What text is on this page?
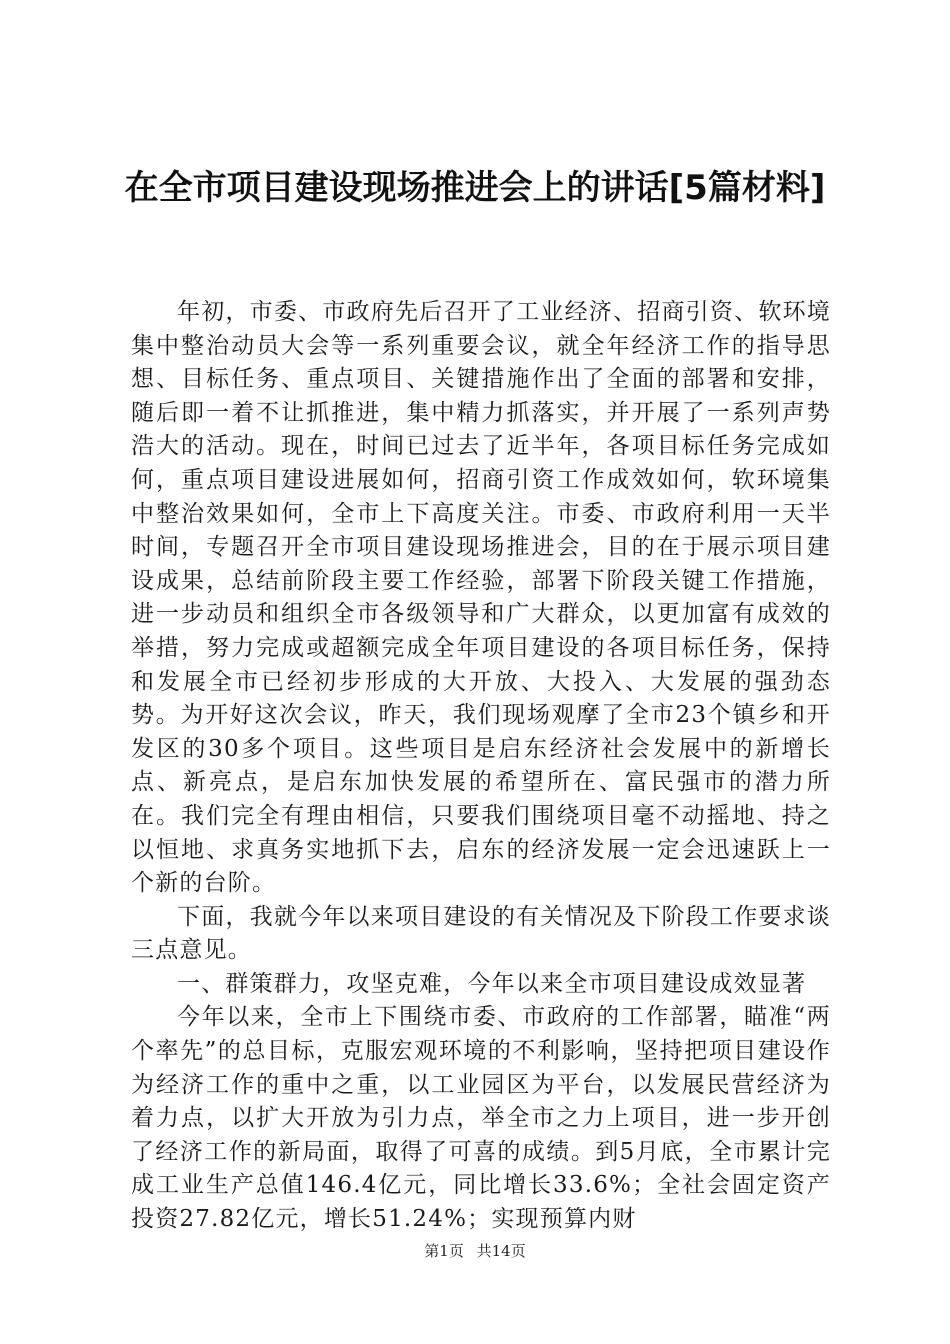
在全市项目建设现场推进会上的讲话[5篇材料]

年初，市委、市政府先后召开了工业经济、招商引资、软环境集中整治动员大会等一系列重要会议，就全年经济工作的指导思想、目标任务、重点项目、关键措施作出了全面的部署和安排，随后即一着不让抓推进，集中精力抓落实，并开展了一系列声势浩大的活动。现在，时间已过去了近半年，各项目标任务完成如何，重点项目建设进展如何，招商引资工作成效如何，软环境集中整治效果如何，全市上下高度关注。市委、市政府利用一天半时间，专题召开全市项目建设现场推进会，目的在于展示项目建设成果，总结前阶段主要工作经验，部署下阶段关键工作措施，进一步动员和组织全市各级领导和广大群众，以更加富有成效的举措，努力完成或超额完成全年项目建设的各项目标任务，保持和发展全市已经初步形成的大开放、大投入、大发展的强劲态势。为开好这次会议，昨天，我们现场观摩了全市23个镇乡和开发区的30多个项目。这些项目是启东经济社会发展中的新增长点、新亮点，是启东加快发展的希望所在、富民强市的潜力所在。我们完全有理由相信，只要我们围绕项目毫不动摇地、持之以恒地、求真务实地抓下去，启东的经济发展一定会迅速跃上一个新的台阶。

下面，我就今年以来项目建设的有关情况及下阶段工作要求谈三点意见。

一、群策群力，攻坚克难，今年以来全市项目建设成效显著

今年以来，全市上下围绕市委、市政府的工作部署，瞄准“两个率先”的总目标，克服宏观环境的不利影响，坚持把项目建设作为经济工作的重中之重，以工业园区为平台，以发展民营经济为着力点，以扩大开放为引力点，举全市之力上项目，进一步开创了经济工作的新局面，取得了可喜的成绩。到5月底，全市累计完成工业生产总值146.4亿元，同比增长33.6%；全社会固定资产投资27.82亿元，增长51.24%；实现预算内财

第1页 共14页
